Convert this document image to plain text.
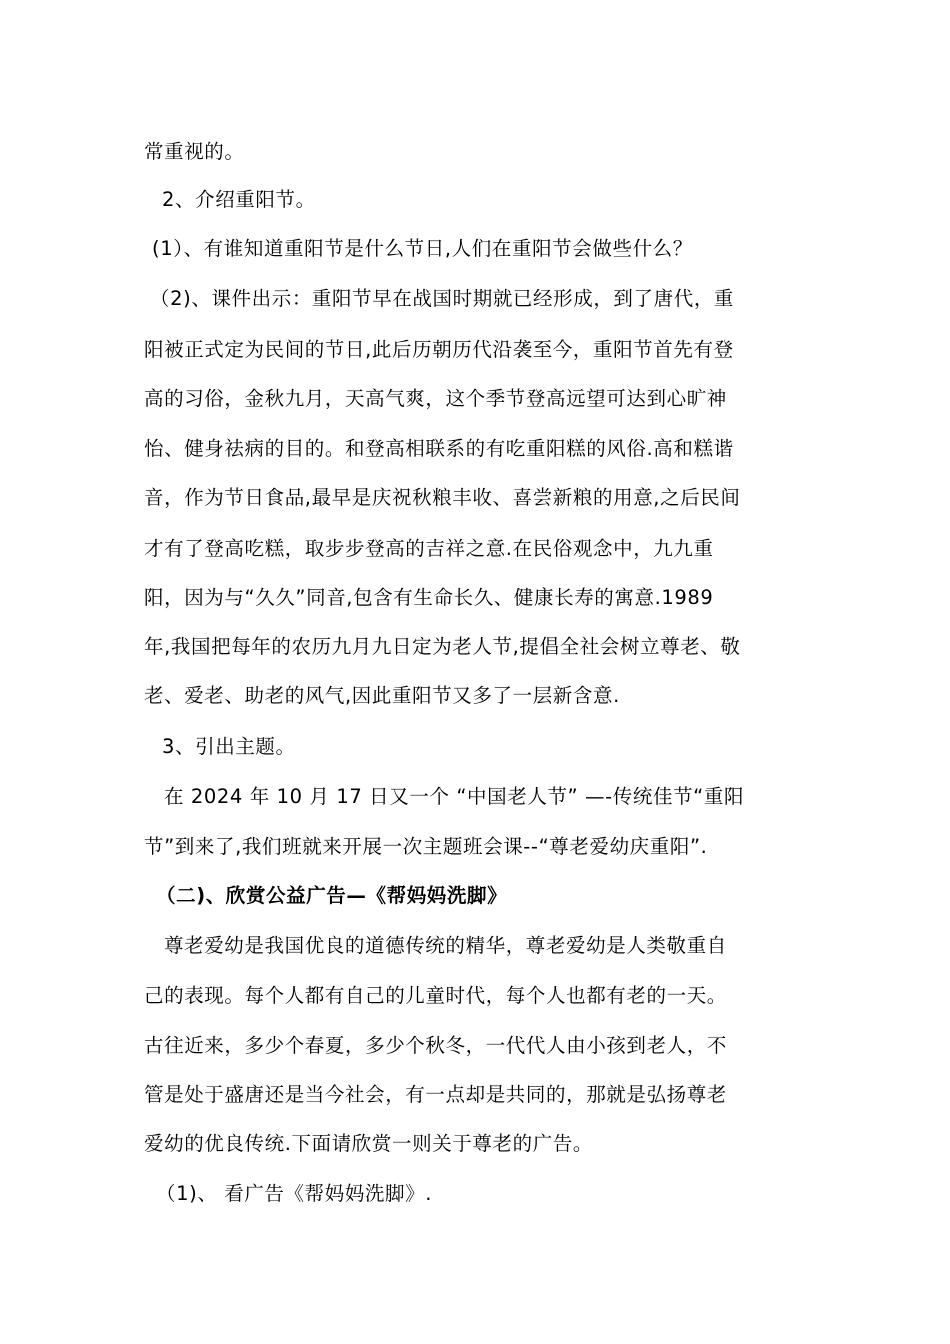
常重视的。
2、介绍重阳节。
(1）、有谁知道重阳节是什么节日,人们在重阳节会做些什么？
（2)、课件出示：重阳节早在战国时期就已经形成，到了唐代，重
阳被正式定为民间的节日,此后历朝历代沿袭至今，重阳节首先有登
高的习俗，金秋九月，天高气爽，这个季节登高远望可达到心旷神
怡、健身祛病的目的。和登高相联系的有吃重阳糕的风俗.高和糕谐
音，作为节日食品,最早是庆祝秋粮丰收、喜尝新粮的用意,之后民间
才有了登高吃糕，取步步登高的吉祥之意.在民俗观念中，九九重
阳，因为与“久久”同音,包含有生命长久、健康长寿的寓意.1989
年,我国把每年的农历九月九日定为老人节,提倡全社会树立尊老、敬
老、爱老、助老的风气,因此重阳节又多了一层新含意.
3、引出主题。
在 2024 年 10 月 17 日又一个 “中国老人节” —-传统佳节“重阳
节”到来了,我们班就来开展一次主题班会课--“尊老爱幼庆重阳”.
（二)、欣赏公益广告—《帮妈妈洗脚》
尊老爱幼是我国优良的道德传统的精华，尊老爱幼是人类敬重自
己的表现。每个人都有自己的儿童时代，每个人也都有老的一天。
古往近来，多少个春夏，多少个秋冬，一代代人由小孩到老人，不
管是处于盛唐还是当今社会，有一点却是共同的，那就是弘扬尊老
爱幼的优良传统.下面请欣赏一则关于尊老的广告。
（1)、 看广告《帮妈妈洗脚》.
